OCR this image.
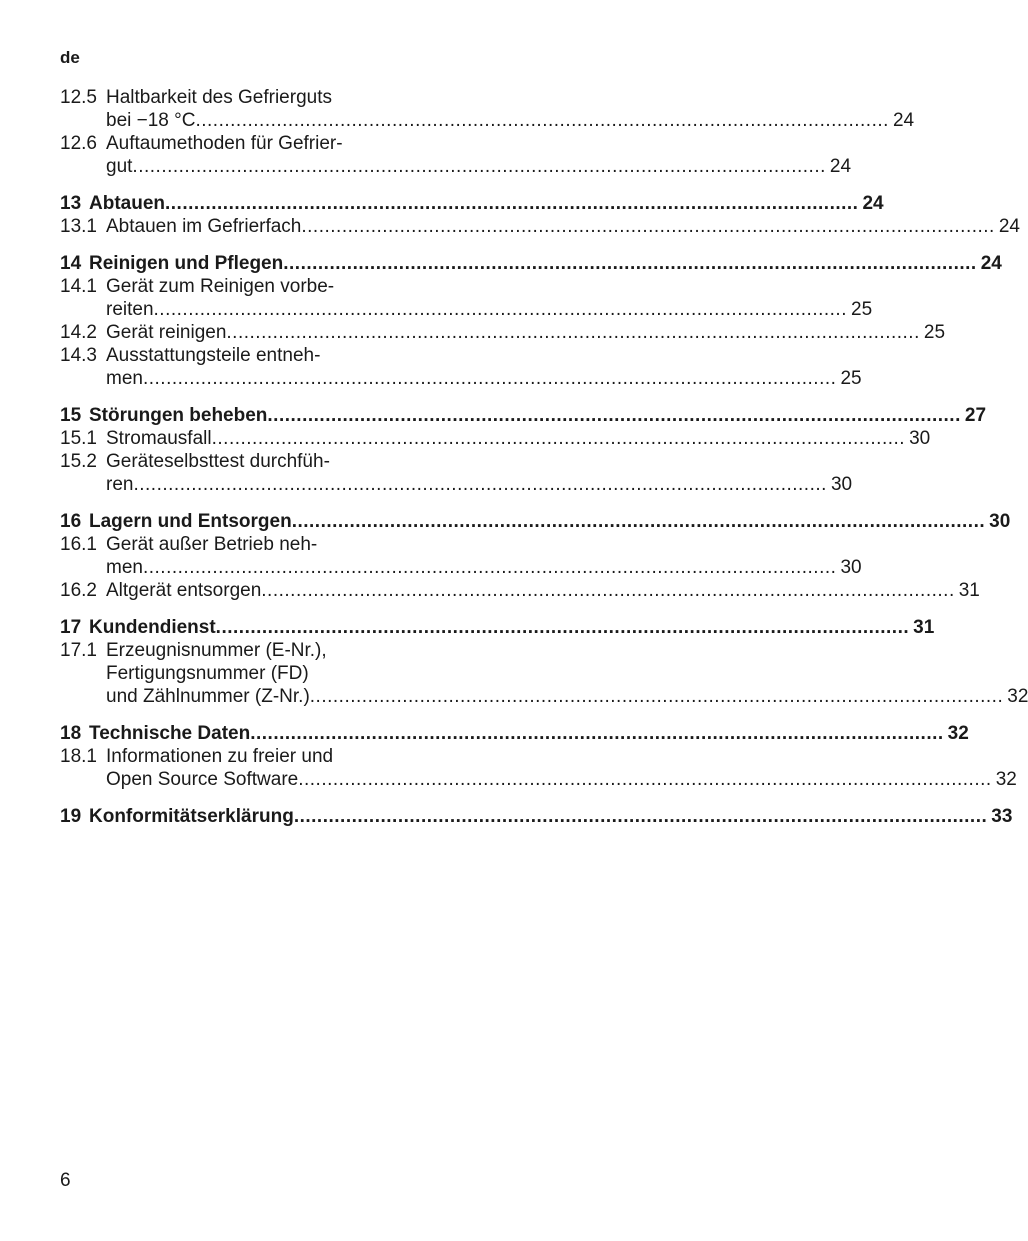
de
12.5 Haltbarkeit des Gefrierguts
bei −18 °C ........................................................................................................................ 24
12.6 Auftaumethoden für Gefrier-
gut ........................................................................................................................ 24
13 Abtauen ........................................................................................................................ 24
13.1 Abtauen im Gefrierfach ........................................................................................................................ 24
14 Reinigen und Pflegen ........................................................................................................................ 24
14.1 Gerät zum Reinigen vorbe-
reiten ........................................................................................................................ 25
14.2 Gerät reinigen ........................................................................................................................ 25
14.3 Ausstattungsteile entneh-
men ........................................................................................................................ 25
15 Störungen beheben ........................................................................................................................ 27
15.1 Stromausfall ........................................................................................................................ 30
15.2 Geräteselbsttest durchfüh-
ren ........................................................................................................................ 30
16 Lagern und Entsorgen ........................................................................................................................ 30
16.1 Gerät außer Betrieb neh-
men ........................................................................................................................ 30
16.2 Altgerät entsorgen ........................................................................................................................ 31
17 Kundendienst ........................................................................................................................ 31
17.1 Erzeugnisnummer (E-Nr.),
Fertigungsnummer (FD)
und Zählnummer (Z-Nr.) ........................................................................................................................ 32
18 Technische Daten ........................................................................................................................ 32
18.1 Informationen zu freier und
Open Source Software ........................................................................................................................ 32
19 Konformitätserklärung ........................................................................................................................ 33
6
